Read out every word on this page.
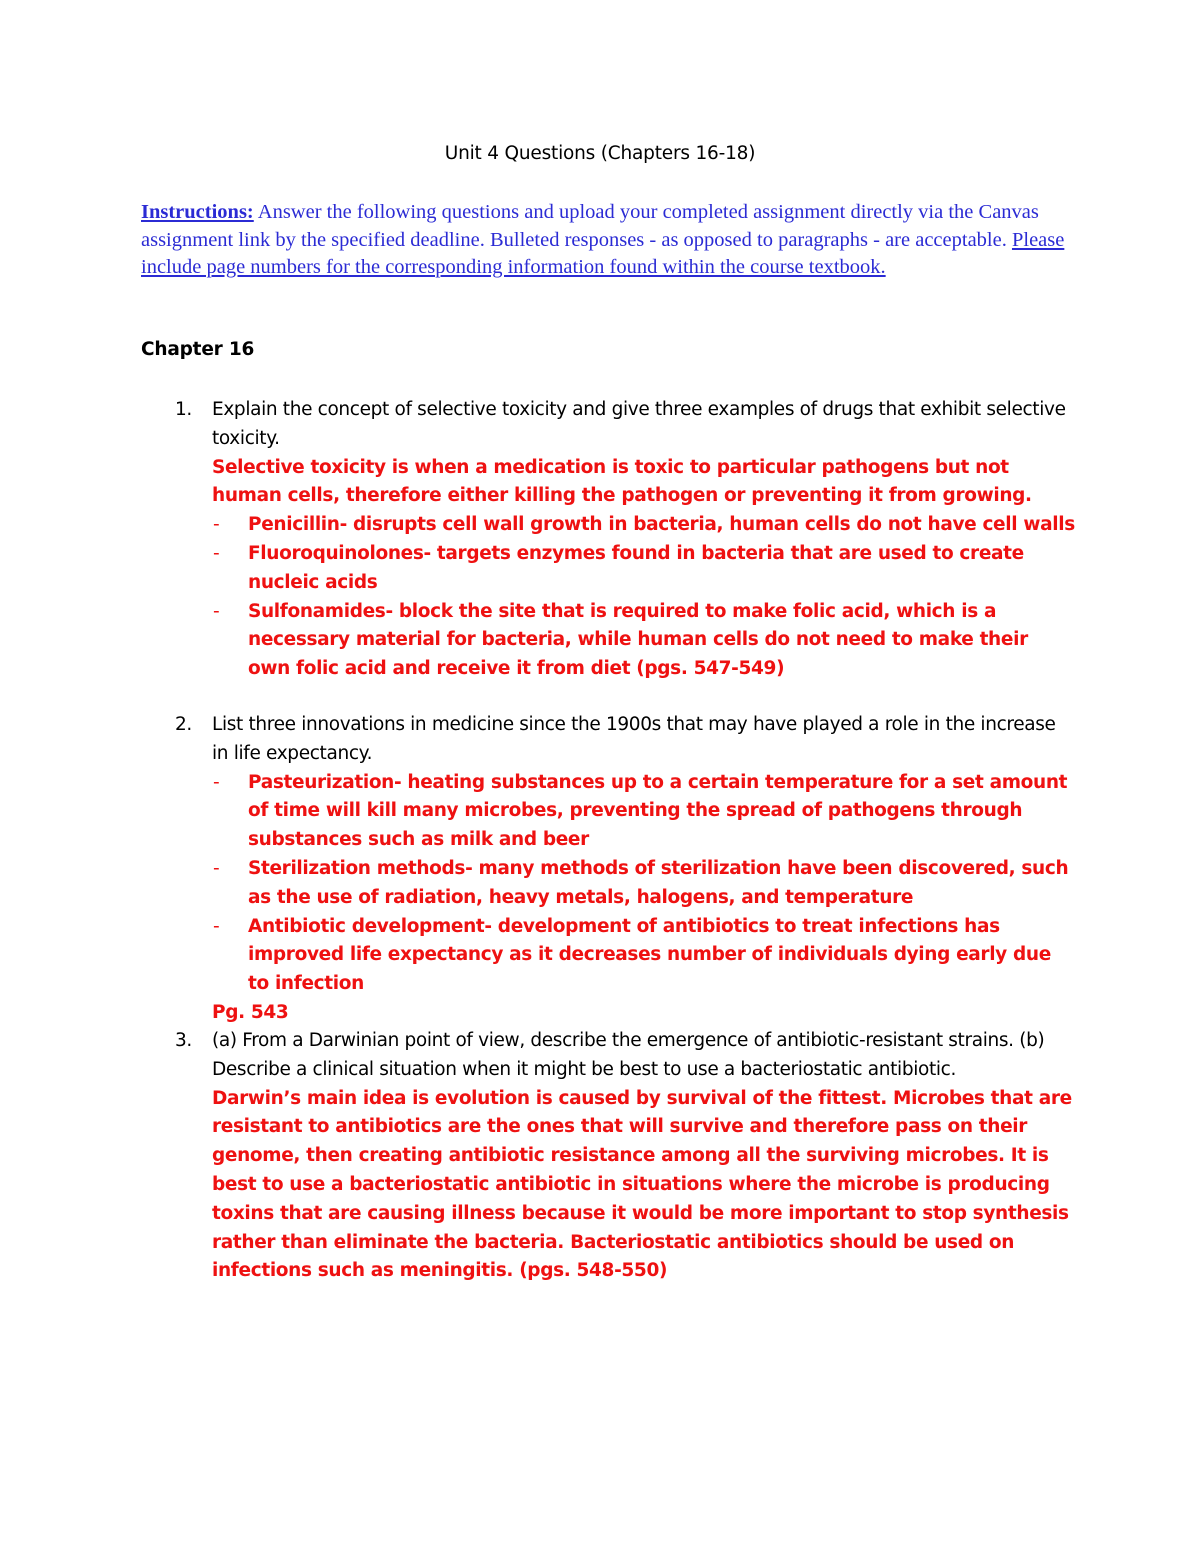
Unit 4 Questions (Chapters 16-18)
Instructions: Answer the following questions and upload your completed assignment directly via the Canvas assignment link by the specified deadline. Bulleted responses - as opposed to paragraphs - are acceptable. Please include page numbers for the corresponding information found within the course textbook.
Chapter 16
1.	Explain the concept of selective toxicity and give three examples of drugs that exhibit selective toxicity.
Selective toxicity is when a medication is toxic to particular pathogens but not human cells, therefore either killing the pathogen or preventing it from growing.
- Penicillin- disrupts cell wall growth in bacteria, human cells do not have cell walls
- Fluoroquinolones- targets enzymes found in bacteria that are used to create nucleic acids
- Sulfonamides- block the site that is required to make folic acid, which is a necessary material for bacteria, while human cells do not need to make their own folic acid and receive it from diet (pgs. 547-549)
2.	List three innovations in medicine since the 1900s that may have played a role in the increase in life expectancy.
- Pasteurization- heating substances up to a certain temperature for a set amount of time will kill many microbes, preventing the spread of pathogens through substances such as milk and beer
- Sterilization methods- many methods of sterilization have been discovered, such as the use of radiation, heavy metals, halogens, and temperature
- Antibiotic development- development of antibiotics to treat infections has improved life expectancy as it decreases number of individuals dying early due to infection
Pg. 543
3.	(a) From a Darwinian point of view, describe the emergence of antibiotic-resistant strains. (b) Describe a clinical situation when it might be best to use a bacteriostatic antibiotic.
Darwin’s main idea is evolution is caused by survival of the fittest. Microbes that are resistant to antibiotics are the ones that will survive and therefore pass on their genome, then creating antibiotic resistance among all the surviving microbes. It is best to use a bacteriostatic antibiotic in situations where the microbe is producing toxins that are causing illness because it would be more important to stop synthesis rather than eliminate the bacteria. Bacteriostatic antibiotics should be used on infections such as meningitis. (pgs. 548-550)
